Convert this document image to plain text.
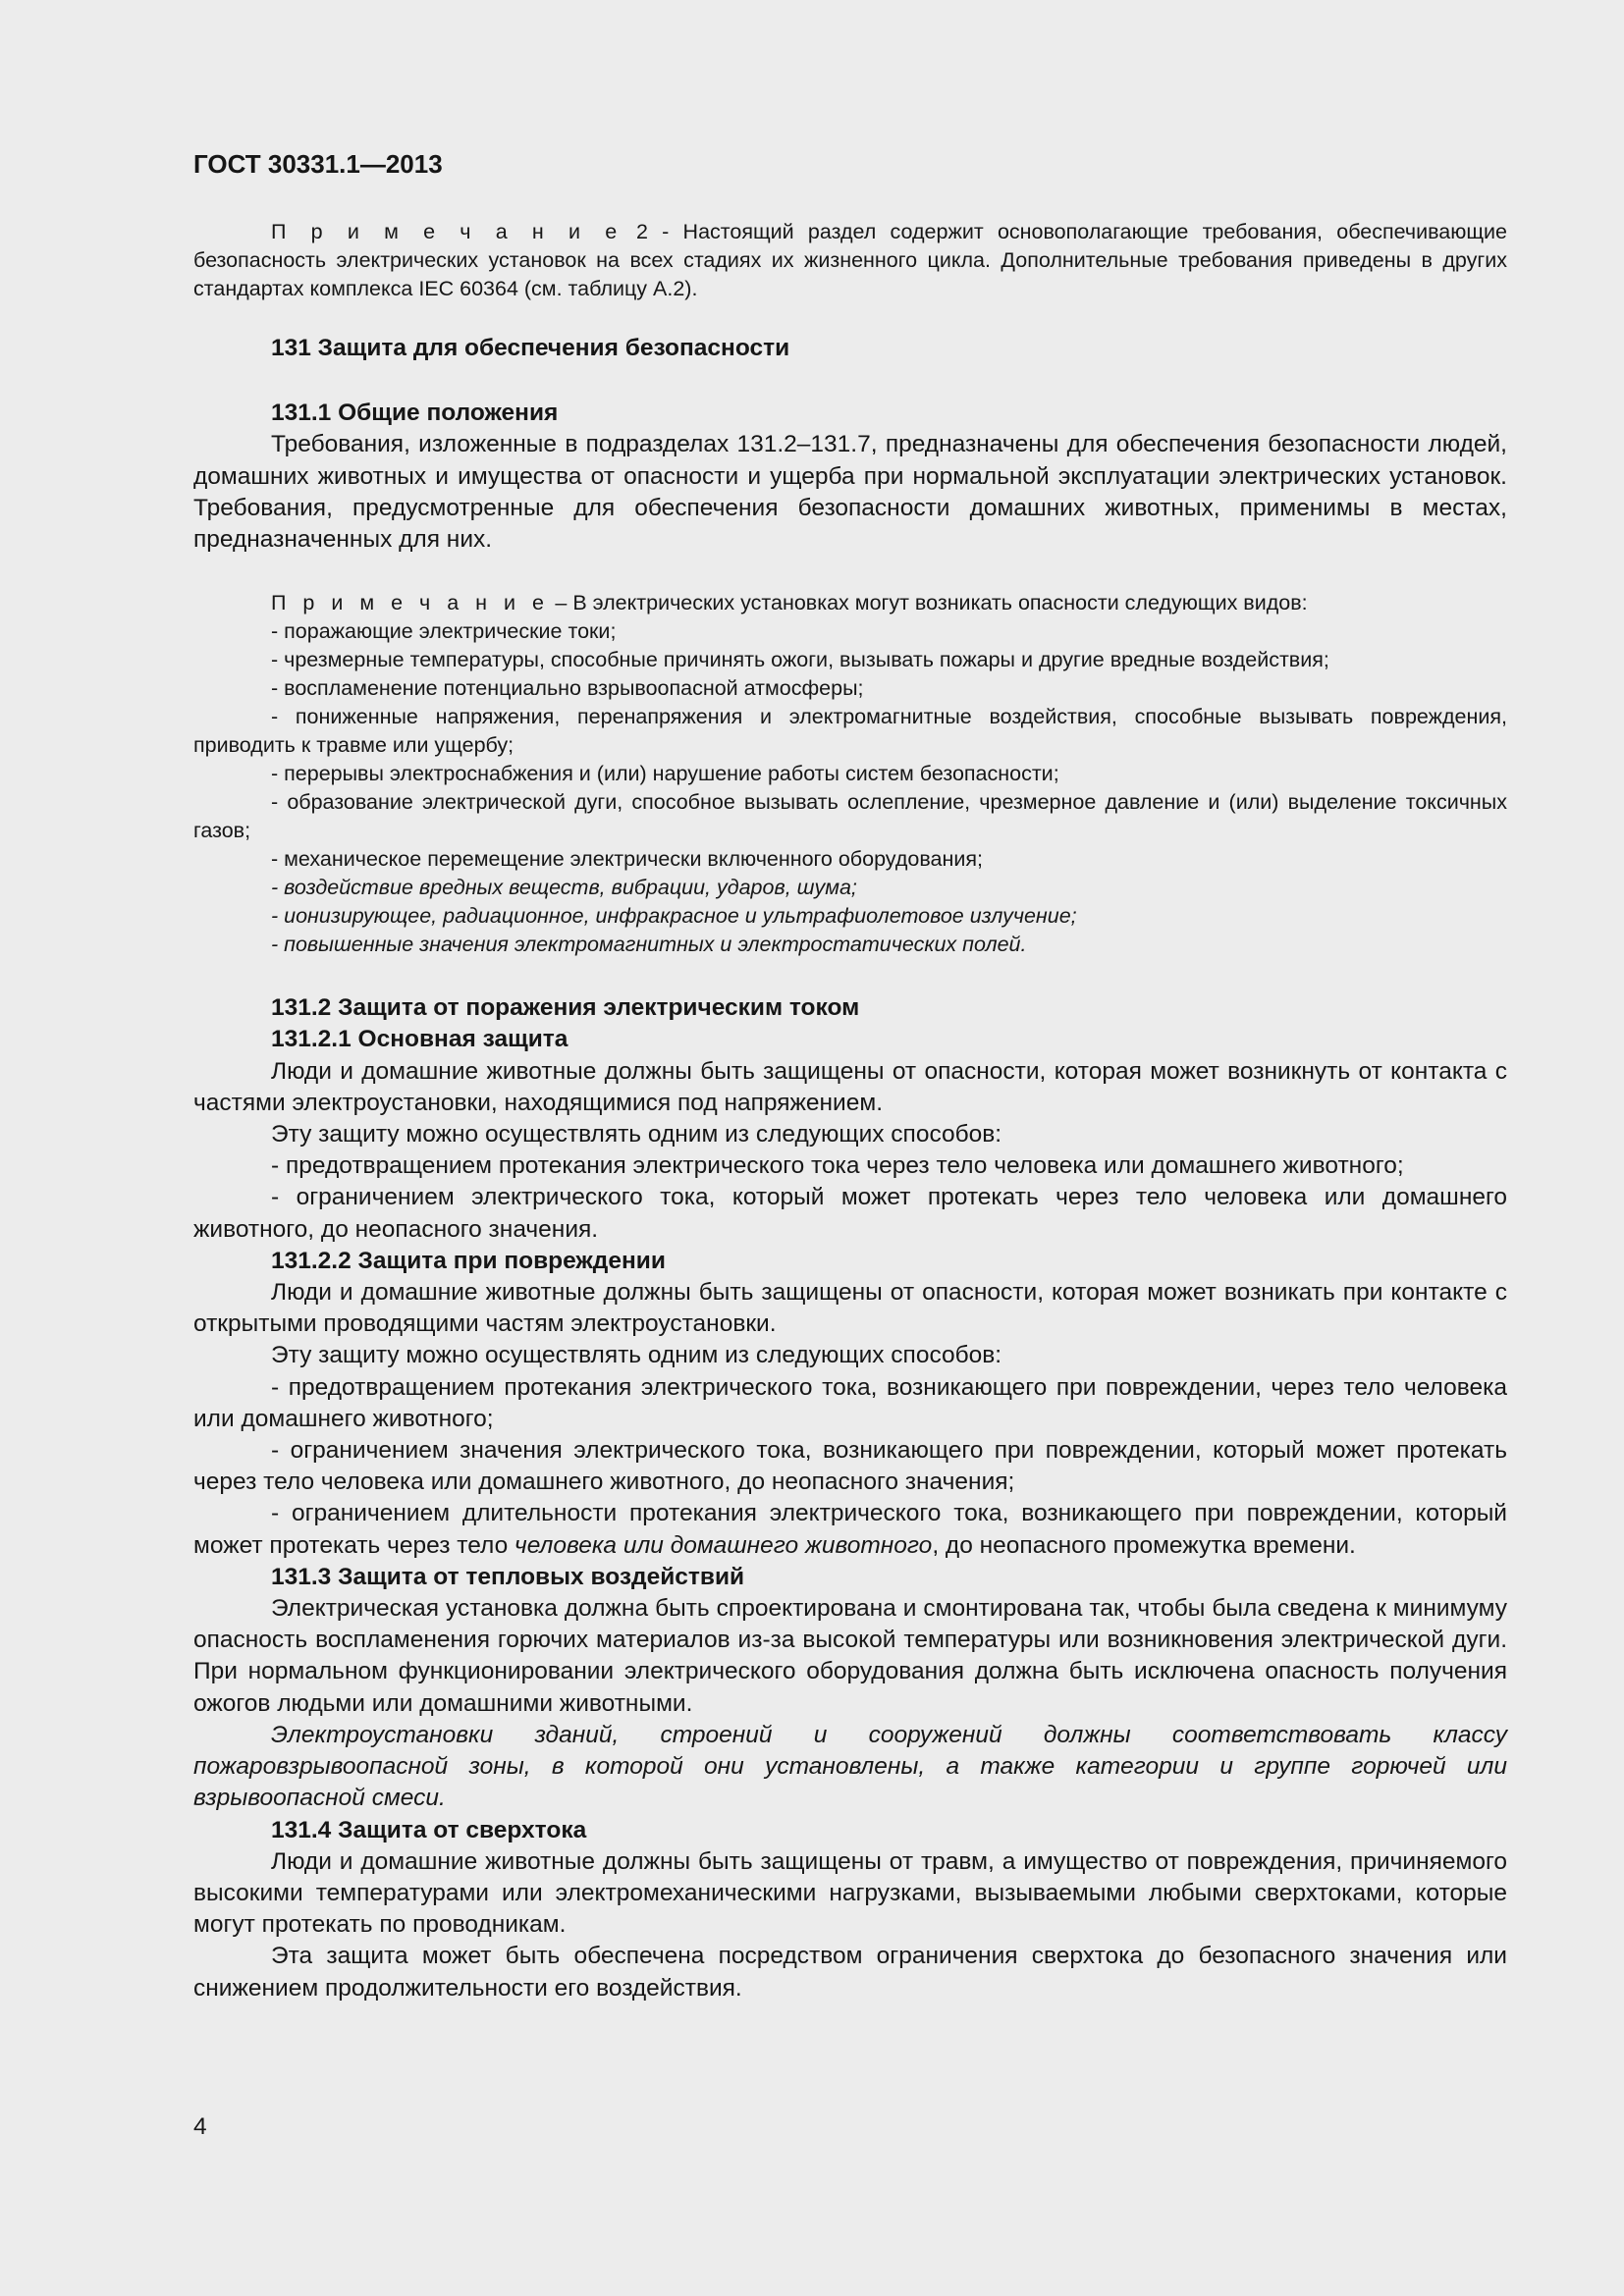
ГОСТ 30331.1—2013

П р и м е ч а н и е 2 - Настоящий раздел содержит основополагающие требования, обеспечивающие безопасность электрических установок на всех стадиях их жизненного цикла. Дополнительные требования приведены в других стандартах комплекса IEC 60364 (см. таблицу А.2).

131 Защита для обеспечения безопасности
131.1 Общие положения

Требования, изложенные в подразделах 131.2–131.7, предназначены для обеспечения безопасности людей, домашних животных и имущества от опасности и ущерба при нормальной эксплуатации электрических установок. Требования, предусмотренные для обеспечения безопасности домашних животных, применимы в местах, предназначенных для них.

П р и м е ч а н и е – В электрических установках могут возникать опасности следующих видов:

- поражающие электрические токи;

- чрезмерные температуры, способные причинять ожоги, вызывать пожары и другие вредные воздействия;

- воспламенение потенциально взрывоопасной атмосферы;

- пониженные напряжения, перенапряжения и электромагнитные воздействия, способные вызывать повреждения, приводить к травме или ущербу;

- перерывы электроснабжения и (или) нарушение работы систем безопасности;

- образование электрической дуги, способное вызывать ослепление, чрезмерное давление и (или) выделение токсичных газов;

- механическое перемещение электрически включенного оборудования;

- воздействие вредных веществ, вибрации, ударов, шума;

- ионизирующее, радиационное, инфракрасное и ультрафиолетовое излучение;

- повышенные значения электромагнитных и электростатических полей.

131.2 Защита от поражения электрическим током
131.2.1 Основная защита

Люди и домашние животные должны быть защищены от опасности, которая может возникнуть от контакта с частями электроустановки, находящимися под напряжением.

Эту защиту можно осуществлять одним из следующих способов:

- предотвращением протекания электрического тока через тело человека или домашнего животного;

- ограничением электрического тока, который может протекать через тело человека или домашнего животного, до неопасного значения.

131.2.2 Защита при повреждении

Люди и домашние животные должны быть защищены от опасности, которая может возникать при контакте с открытыми проводящими частям электроустановки.

Эту защиту можно осуществлять одним из следующих способов:

- предотвращением протекания электрического тока, возникающего при повреждении, через тело человека или домашнего животного;

- ограничением значения электрического тока, возникающего при повреждении, который может протекать через тело человека или домашнего животного, до неопасного значения;

- ограничением длительности протекания электрического тока, возникающего при повреждении, который может протекать через тело человека или домашнего животного, до неопасного промежутка времени.

131.3 Защита от тепловых воздействий

Электрическая установка должна быть спроектирована и смонтирована так, чтобы была сведена к минимуму опасность воспламенения горючих материалов из-за высокой температуры или возникновения электрической дуги. При нормальном функционировании электрического оборудования должна быть исключена опасность получения ожогов людьми или домашними животными.

Электроустановки зданий, строений и сооружений должны соответствовать классу пожаровзрывоопасной зоны, в которой они установлены, а также категории и группе горючей или взрывоопасной смеси.

131.4 Защита от сверхтока

Люди и домашние животные должны быть защищены от травм, а имущество от повреждения, причиняемого высокими температурами или электромеханическими нагрузками, вызываемыми любыми сверхтоками, которые могут протекать по проводникам.

Эта защита может быть обеспечена посредством ограничения сверхтока до безопасного значения или снижением продолжительности его воздействия.

4
